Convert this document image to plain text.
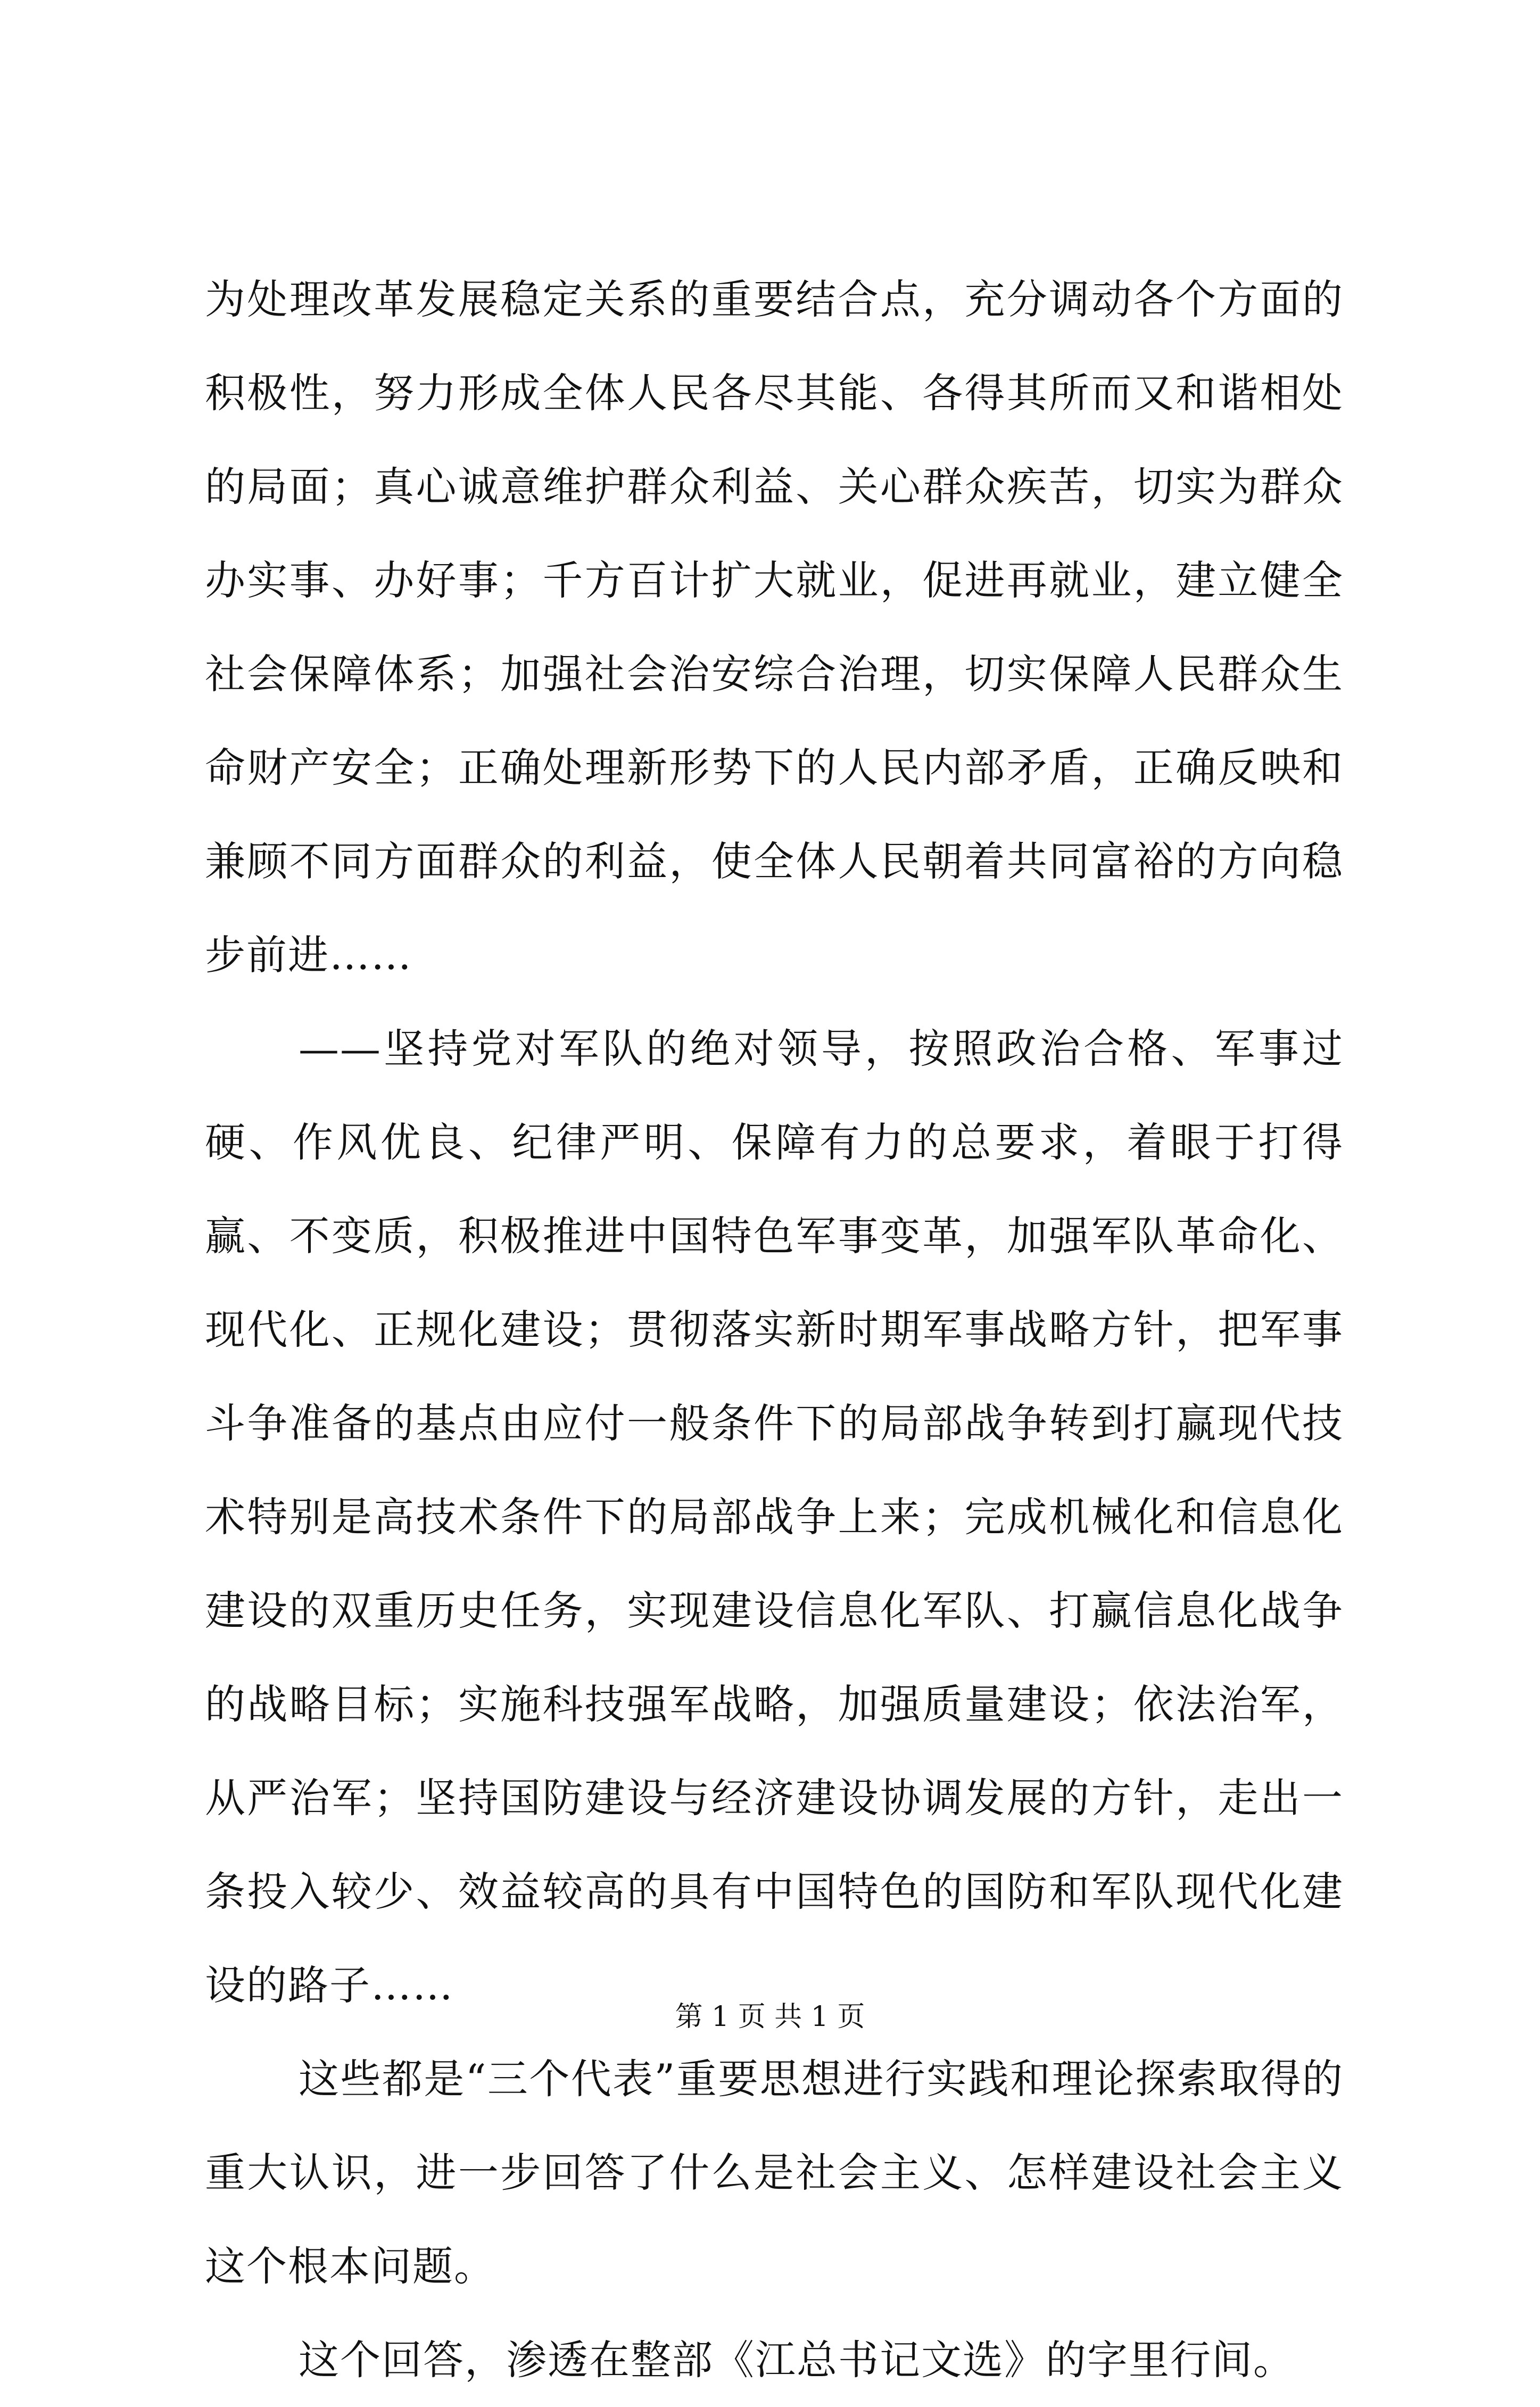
为处理改革发展稳定关系的重要结合点，充分调动各个方面的积极性，努力形成全体人民各尽其能、各得其所而又和谐相处的局面；真心诚意维护群众利益、关心群众疾苦，切实为群众办实事、办好事；千方百计扩大就业，促进再就业，建立健全社会保障体系；加强社会治安综合治理，切实保障人民群众生命财产安全；正确处理新形势下的人民内部矛盾，正确反映和兼顾不同方面群众的利益，使全体人民朝着共同富裕的方向稳步前进……

——坚持党对军队的绝对领导，按照政治合格、军事过硬、作风优良、纪律严明、保障有力的总要求，着眼于打得赢、不变质，积极推进中国特色军事变革，加强军队革命化、现代化、正规化建设；贯彻落实新时期军事战略方针，把军事斗争准备的基点由应付一般条件下的局部战争转到打赢现代技术特别是高技术条件下的局部战争上来；完成机械化和信息化建设的双重历史任务，实现建设信息化军队、打赢信息化战争的战略目标；实施科技强军战略，加强质量建设；依法治军，从严治军；坚持国防建设与经济建设协调发展的方针，走出一条投入较少、效益较高的具有中国特色的国防和军队现代化建设的路子……

这些都是“三个代表”重要思想进行实践和理论探索取得的重大认识，进一步回答了什么是社会主义、怎样建设社会主义这个根本问题。

这个回答，渗透在整部《江总书记文选》的字里行间。

第 1 页 共 1 页
